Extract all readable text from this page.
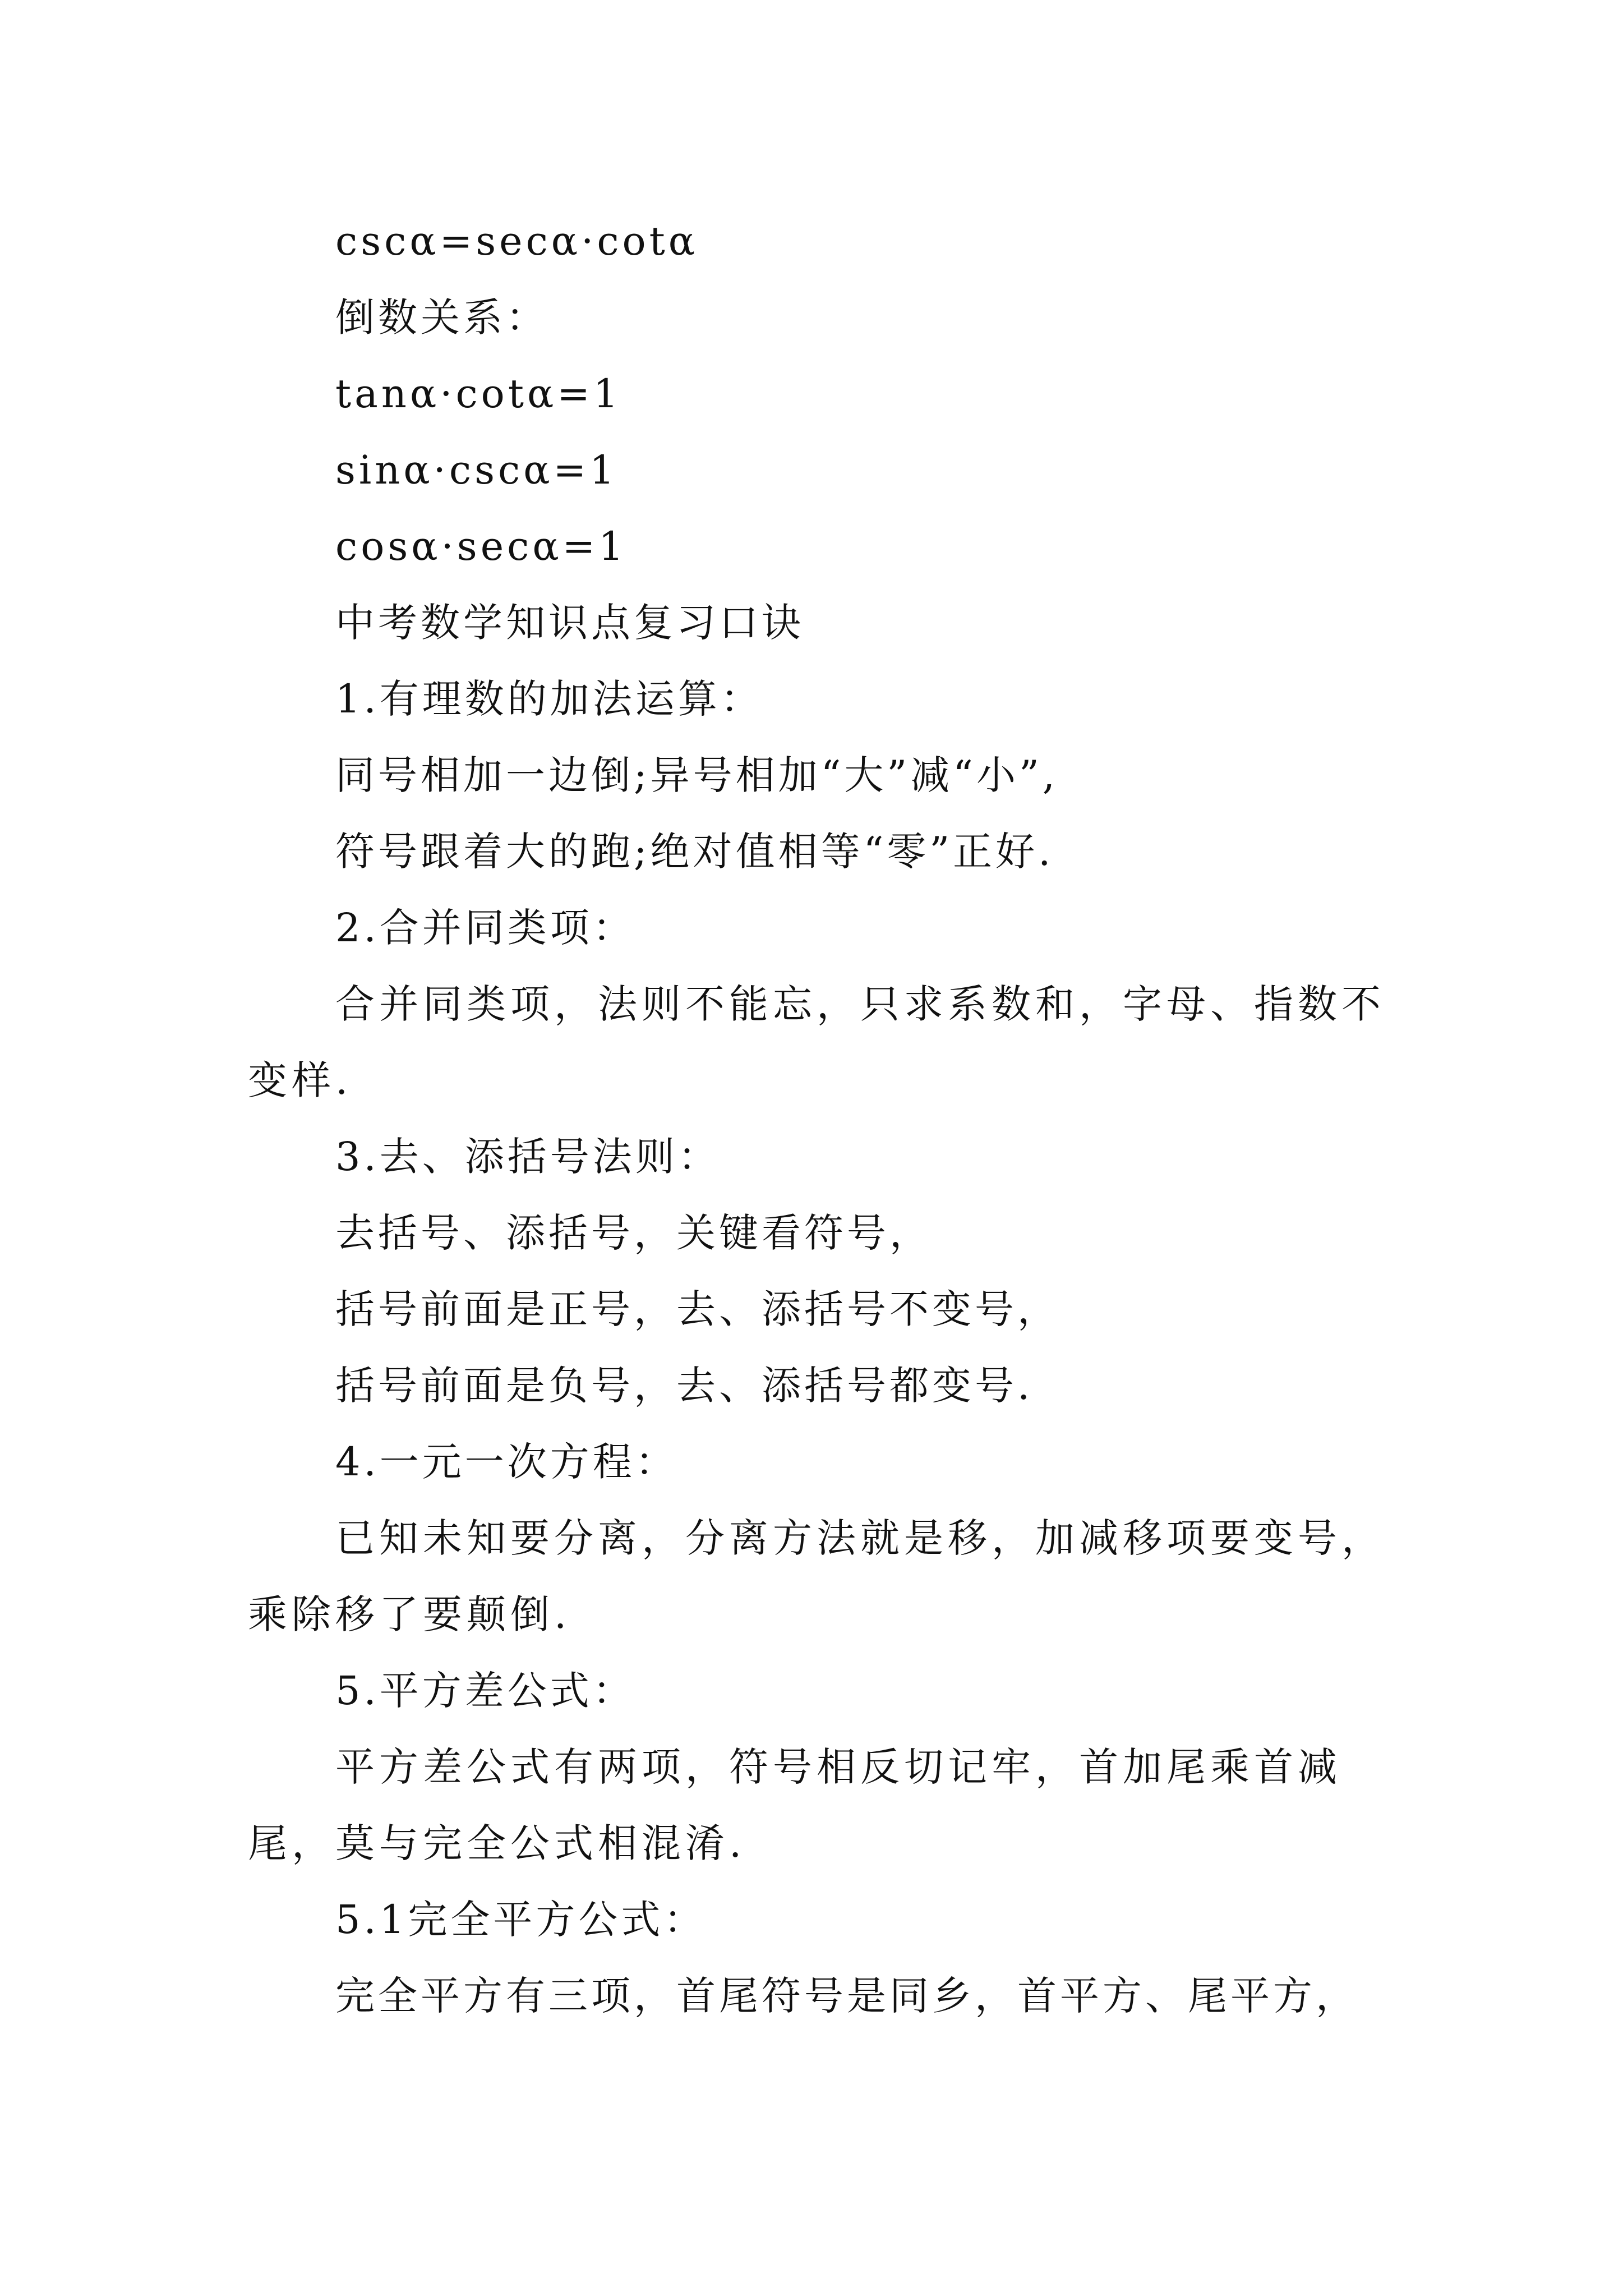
cscα=secα·cotα
倒数关系：
tanα·cotα=1
sinα·cscα=1
cosα·secα=1
中考数学知识点复习口诀
1.有理数的加法运算：
同号相加一边倒;异号相加“大”减“小”,
符号跟着大的跑;绝对值相等“零”正好.
2.合并同类项：
合并同类项，法则不能忘，只求系数和，字母、指数不变样.
3.去、添括号法则：
去括号、添括号，关键看符号，
括号前面是正号，去、添括号不变号，
括号前面是负号，去、添括号都变号.
4.一元一次方程：
已知未知要分离，分离方法就是移，加减移项要变号，乘除移了要颠倒.
5.平方差公式：
平方差公式有两项，符号相反切记牢，首加尾乘首减尾，莫与完全公式相混淆.
5.1完全平方公式：
完全平方有三项，首尾符号是同乡，首平方、尾平方，
